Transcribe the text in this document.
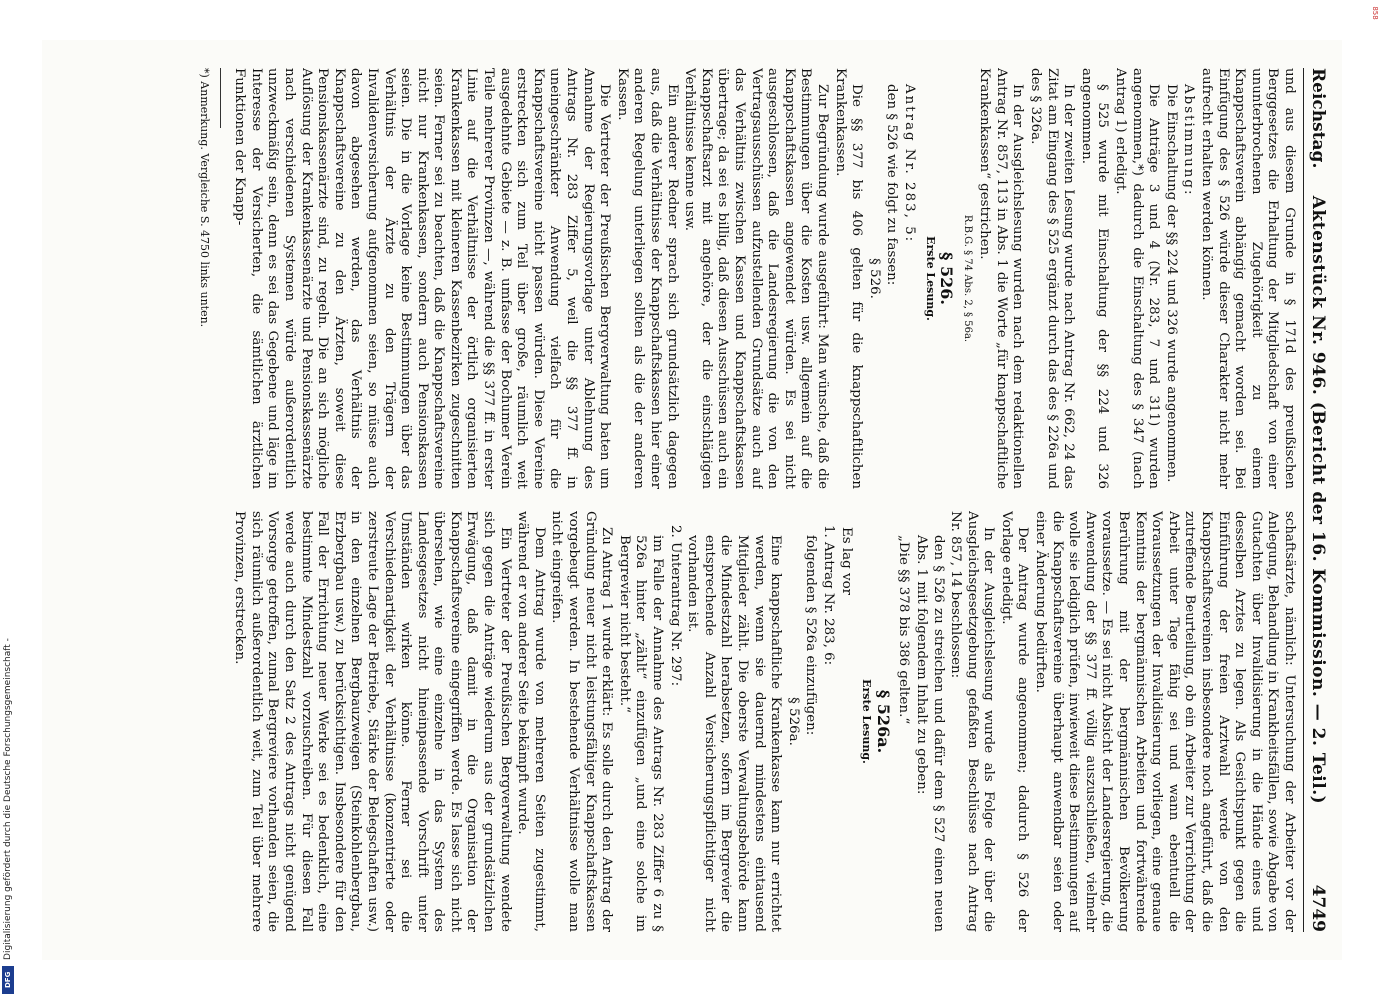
858
Reichstag.
Aktenstück Nr. 946. (Bericht der 16. Kommission. — 2. Teil.)
4749

und aus diesem Grunde in § 171d des preußischen Berggesetzes die Erhaltung der Mitgliedschaft von einer ununterbrochenen Zugehörigkeit zu einem Knappschaftsverein abhängig gemacht worden sei. Bei Einfügung des § 526 würde dieser Charakter nicht mehr aufrecht erhalten werden können.

Abstimmung:

Die Einschaltung der §§ 224 und 326 wurde angenommen.

Die Anträge 3 und 4 (Nr. 283, 7 und 311) wurden angenommen,*) dadurch die Einschaltung des § 347 (nach Antrag 1) erledigt.

§ 525 wurde mit Einschaltung der §§ 224 und 326 angenommen.

In der zweiten Lesung wurde nach Antrag Nr. 662, 24 das Zitat am Eingang des § 525 ergänzt durch das des § 226a und des § 326a.

In der Ausgleichslesung wurden nach dem redaktionellen Antrag Nr. 857, 113 in Abs. 1 die Worte „für knappschaftliche Krankenkassen“ gestrichen.

R.B.G. § 74 Abs. 2, § 56a.

§ 526.

Erste Lesung.

Antrag Nr. 283, 5:

den § 526 wie folgt zu fassen:

§ 526.

Die §§ 377 bis 406 gelten für die knappschaftlichen Krankenkassen.

Zur Begründung wurde ausgeführt: Man wünsche, daß die Bestimmungen über die Kosten usw. allgemein auf die Knappschaftskassen angewendet würden. Es sei nicht ausgeschlossen, daß die Landesregierung die von den Vertragsausschüssen aufzustellenden Grundsätze auch auf das Verhältnis zwischen Kassen und Knappschaftskassen übertrage; da sei es billig, daß diesen Ausschüssen auch ein Knappschaftsarzt mit angehöre, der die einschlägigen Verhältnisse kenne usw.

Ein anderer Redner sprach sich grundsätzlich dagegen aus, daß die Verhältnisse der Knappschaftskassen hier einer anderen Regelung unterliegen sollten als die der anderen Kassen.

Die Vertreter der Preußischen Bergverwaltung baten um Annahme der Regierungsvorlage unter Ablehnung des Antrags Nr. 283 Ziffer 5, weil die §§ 377 ff. in uneingeschränkter Anwendung vielfach für die Knappschaftsvereine nicht passen würden. Diese Vereine erstreckten sich zum Teil über große, räumlich weit ausgedehnte Gebiete — z. B. umfasse der Bochumer Verein Teile mehrerer Provinzen —, während die §§ 377 ff. in erster Linie auf die Verhältnisse der örtlich organisierten Krankenkassen mit kleineren Kassenbezirken zugeschnitten seien. Ferner sei zu beachten, daß die Knappschaftsvereine nicht nur Krankenkassen, sondern auch Pensionskassen seien. Die in die Vorlage keine Bestimmungen über das Verhältnis der Ärzte zu den Trägern der Invalidenversicherung aufgenommen seien, so müsse auch davon abgesehen werden, das Verhältnis der Knappschaftsvereine zu den Ärzten, soweit diese Pensionskassenärzte sind, zu regeln. Die an sich mögliche Auflösung der Krankenkassenärzte und Pensionskassenärzte nach verschiedenen Systemen würde außerordentlich unzweckmäßig sein, denn es sei das Gegebene und läge im Interesse der Versicherten, die sämtlichen ärztlichen Funktionen der Knapp-

*) Anmerkung. Vergleiche S. 4750 links unten.

schaftsärzte, nämlich: Untersuchung der Arbeiter vor der Anlegung, Behandlung in Krankheitsfällen, sowie Abgabe von Gutachten über Invalidisierung in die Hände eines und desselben Arztes zu legen. Als Gesichtspunkt gegen die Einführung der freien Arztwahl werde von den Knappschaftsvereinen insbesondere noch angeführt, daß die zutreffende Beurteilung, ob ein Arbeiter zur Verrichtung der Arbeit unter Tage fähig sei und wann ebentuell die Voraussetzungen der Invalidisierung vorliegen, eine genaue Kenntnis der bergmännischen Arbeiten und fortwährende Berührung mit der bergmännischen Bevölkerung voraussetze. — Es sei nicht Absicht der Landesregierung, die Anwendung der §§ 377 ff. völlig auszuschließen, vielmehr wolle sie lediglich prüfen, inwieweit diese Bestimmungen auf die Knappschaftsvereine überhaupt anwendbar seien oder einer Änderung bedürften.

Der Antrag wurde angenommen; dadurch § 526 der Vorlage erledigt.

In der Ausgleichslesung wurde als Folge der über die Ausgleichsgesetzgebung gefaßten Beschlüsse nach Antrag Nr. 857, 14 beschlossen:

den § 526 zu streichen und dafür dem § 527 einen neuen Abs. 1 mit folgendem Inhalt zu geben:

„Die §§ 378 bis 386 gelten.“

§ 526a.

Erste Lesung.

Es lag vor

1. Antrag Nr. 283, 6:

folgenden § 526a einzufügen:

§ 526a.

Eine knappschaftliche Krankenkasse kann nur errichtet werden, wenn sie dauernd mindestens eintausend Mitglieder zählt. Die oberste Verwaltungsbehörde kann die Mindestzahl herabsetzen, sofern im Bergrevier die entsprechende Anzahl Versicherungspflichtiger nicht vorhanden ist.

2. Unterantrag Nr. 297:

im Falle der Annahme des Antrags Nr. 283 Ziffer 6 zu § 526a hinter „zählt“ einzufügen „und eine solche im Bergrevier nicht besteht.“

Zu Antrag 1 wurde erklärt: Es solle durch den Antrag der Gründung neuer nicht leistungsfähiger Knappschaftskassen vorgebeugt werden. In bestehende Verhältnisse wolle man nicht eingreifen.

Dem Antrag wurde von mehreren Seiten zugestimmt, während er von anderer Seite bekämpft wurde.

Ein Vertreter der Preußischen Bergverwaltung wendete sich gegen die Anträge wiederum aus der grundsätzlichen Erwägung, daß damit in die Organisation der Knappschaftsvereine eingegriffen werde. Es lasse sich nicht übersehen, wie eine einzelne in das System des Landesgesetzes nicht hineinpassende Vorschrift unter Umständen wirken könne. Ferner sei die Verschiedenartigkeit der Verhältnisse (konzentrierte oder zerstreute Lage der Betriebe, Stärke der Belegschaften usw.) in den einzelnen Bergbauzweigen (Steinkohlenbergbau, Erzbergbau usw.) zu berücksichtigen. Insbesondere für den Fall der Errichtung neuer Werke sei es bedenklich, eine bestimmte Mindestzahl vorzuschreiben. Für diesen Fall werde auch durch den Satz 2 des Antrags nicht genügend Vorsorge getroffen, zumal Bergreviere vorhanden seien, die sich räumlich außerordentlich weit, zum Teil über mehrere Provinzen, erstrecken.

Digitalisierung gefördert durch die Deutsche Forschungsgemeinschaft -
DFG
